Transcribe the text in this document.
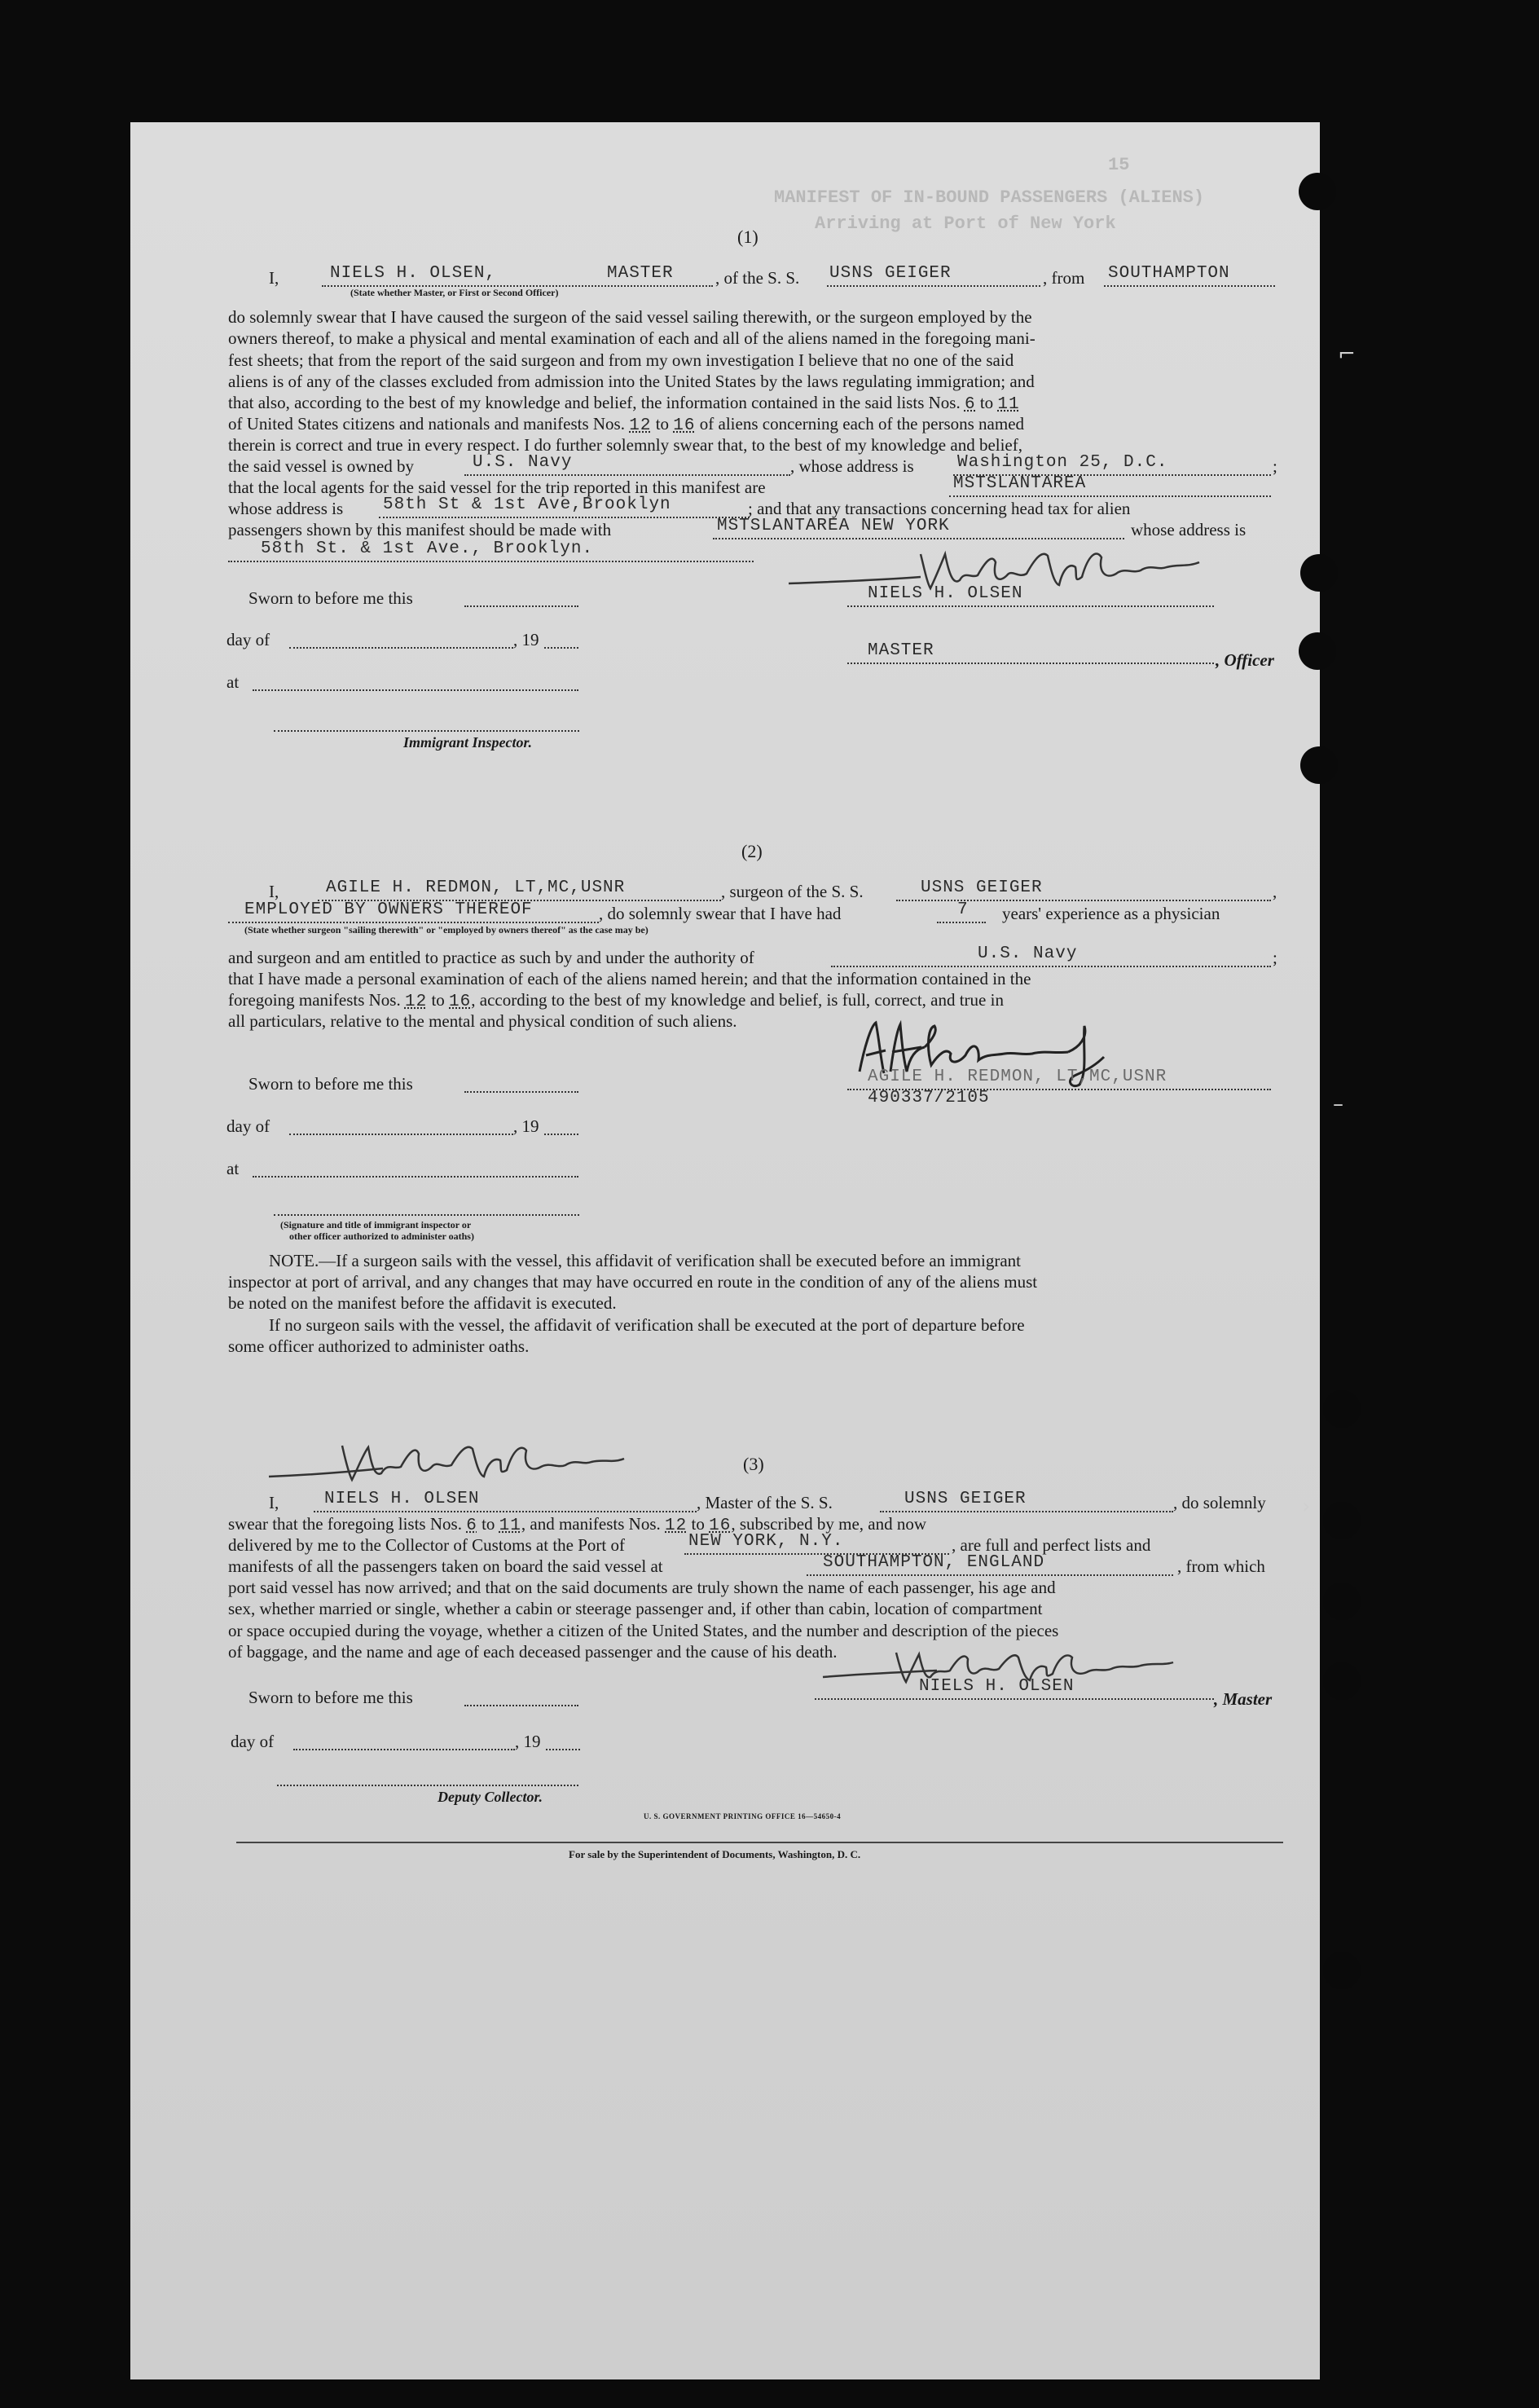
15
MANIFEST OF IN-BOUND PASSENGERS (ALIENS)
Arriving at Port of New York
⌐
–
›
(1)
I,	NIELS H. OLSEN,	MASTER , of the S. S. USNS GEIGER	, from SOUTHAMPTON
(State whether Master, or First or Second Officer)
do solemnly swear that I have caused the surgeon of the said vessel sailing therewith, or the surgeon employed by the
owners thereof, to make a physical and mental examination of each and all of the aliens named in the foregoing mani-
fest sheets; that from the report of the said surgeon and from my own investigation I believe that no one of the said
aliens is of any of the classes excluded from admission into the United States by the laws regulating immigration; and
that also, according to the best of my knowledge and belief, the information contained in the said lists Nos. 6 to 11
of United States citizens and nationals and manifests Nos. 12 to 16 of aliens concerning each of the persons named
therein is correct and true in every respect. I do further solemnly swear that, to the best of my knowledge and belief,
the said vessel is owned by	U.S. Navy	, whose address is	Washington 25, D.C.	;
that the local agents for the said vessel for the trip reported in this manifest are	MSTSLANTAREA
whose address is 58th St & 1st Ave,Brooklyn	; and that any transactions concerning head tax for alien
passengers shown by this manifest should be made with	MSTSLANTAREA NEW YORK	whose address is
58th St. & 1st Ave., Brooklyn.
Sworn to before me this	NIELS H. OLSEN
day of	, 19
MASTER	, Officer
at
Immigrant Inspector.
(2)
I,	AGILE H. REDMON, LT,MC,USNR	, surgeon of the S. S.	USNS GEIGER	,
EMPLOYED BY OWNERS THEREOF	, do solemnly swear that I have had	7 years' experience as a physician
(State whether surgeon "sailing therewith" or "employed by owners thereof" as the case may be)
and surgeon and am entitled to practice as such by and under the authority of	U.S. Navy	;
that I have made a personal examination of each of the aliens named herein; and that the information contained in the
foregoing manifests Nos. 12 to 16, according to the best of my knowledge and belief, is full, correct, and true in
all particulars, relative to the mental and physical condition of such aliens.
Sworn to before me this	AGILE H. REDMON, LT,MC,USNR
490337/2105
day of	, 19
at
(Signature and title of immigrant inspector or
other officer authorized to administer oaths)
NOTE.—If a surgeon sails with the vessel, this affidavit of verification shall be executed before an immigrant
inspector at port of arrival, and any changes that may have occurred en route in the condition of any of the aliens must
be noted on the manifest before the affidavit is executed.
If no surgeon sails with the vessel, the affidavit of verification shall be executed at the port of departure before
some officer authorized to administer oaths.
(3)
I,	NIELS H. OLSEN	, Master of the S. S.	USNS GEIGER	, do solemnly
swear that the foregoing lists Nos. 6 to 11, and manifests Nos. 12 to 16, subscribed by me, and now
delivered by me to the Collector of Customs at the Port of	NEW YORK, N.Y.	, are full and perfect lists and
manifests of all the passengers taken on board the said vessel at	SOUTHAMPTON, ENGLAND	, from which
port said vessel has now arrived; and that on the said documents are truly shown the name of each passenger, his age and
sex, whether married or single, whether a cabin or steerage passenger and, if other than cabin, location of compartment
or space occupied during the voyage, whether a citizen of the United States, and the number and description of the pieces
of baggage, and the name and age of each deceased passenger and the cause of his death.
Sworn to before me this
NIELS H. OLSEN
, Master
day of	, 19
Deputy Collector.
U. S. GOVERNMENT PRINTING OFFICE 16—54650-4
For sale by the Superintendent of Documents, Washington, D. C.
